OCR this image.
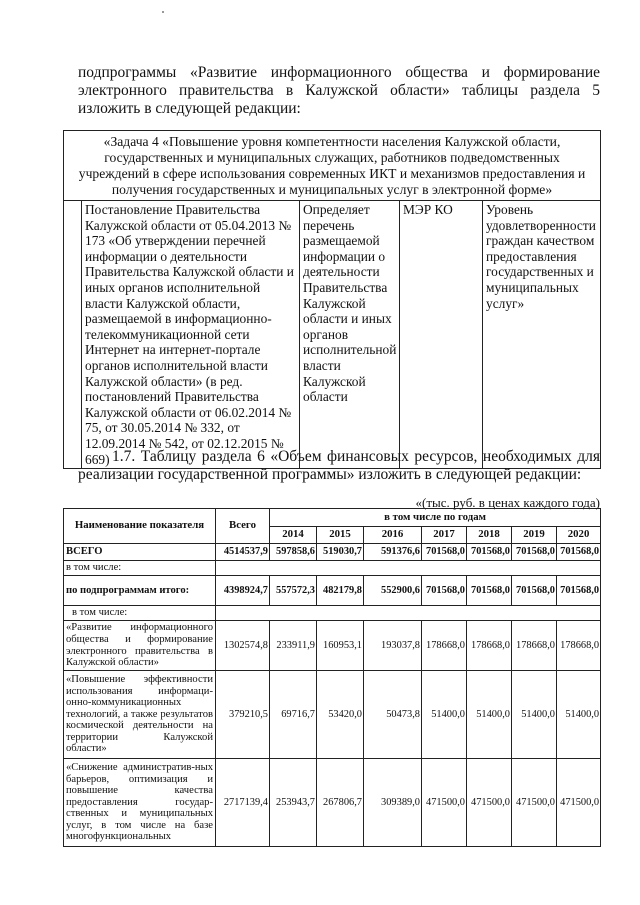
подпрограммы «Развитие информационного общества и формирование электронного правительства в Калужской области» таблицы раздела 5 изложить в следующей редакции:

«Задача 4 «Повышение уровня компетентности населения Калужской области, государственных и муниципальных служащих, работников подведомственных учреждений в сфере использования современных ИКТ и механизмов предоставления и получения государственных и муниципальных услуг в электронной форме»
	Постановление Правительства Калужской области от 05.04.2013 № 173 «Об утверждении перечней информации о деятельности Правительства Калужской области и иных органов исполнительной власти Калужской области, размещаемой в информационно-телекоммуникационной сети Интернет на интернет-портале органов исполнительной власти Калужской области» (в ред. постановлений Правительства Калужской области от 06.02.2014 № 75, от 30.05.2014 № 332, от 12.09.2014 № 542, от 02.12.2015 № 669)	Определяет перечень размещаемой информации о деятельности Правительства Калужской области и иных органов исполнительной власти Калужской области	МЭР КО	Уровень удовлетворенности граждан качеством предоставления государственных и муниципальных услуг»

1.7. Таблицу раздела 6 «Объем финансовых ресурсов, необходимых для реализации государственной программы» изложить в следующей редакции:

«(тыс. руб. в ценах каждого года)
Наименование показателя	Всего	в том числе по годам						
		2014	2015	2016	2017	2018	2019	2020
ВСЕГО	4514537,9	597858,6	519030,7	591376,6	701568,0	701568,0	701568,0	701568,0
в том числе:								
по подпрограммам итого:	4398924,7	557572,3	482179,8	552900,6	701568,0	701568,0	701568,0	701568,0
в том числе:								
«Развитие информационного общества и формирование электронного правительства в Калужской области»	1302574,8	233911,9	160953,1	193037,8	178668,0	178668,0	178668,0	178668,0
«Повышение эффективности использования информаци-онно-коммуникационных технологий, а также результатов космической деятельности на территории Калужской области»	379210,5	69716,7	53420,0	50473,8	51400,0	51400,0	51400,0	51400,0
«Снижение административ-ных барьеров, оптимизация и повышение качества предоставления государ-ственных и муниципальных услуг, в том числе на базе многофункциональных	2717139,4	253943,7	267806,7	309389,0	471500,0	471500,0	471500,0	471500,0
